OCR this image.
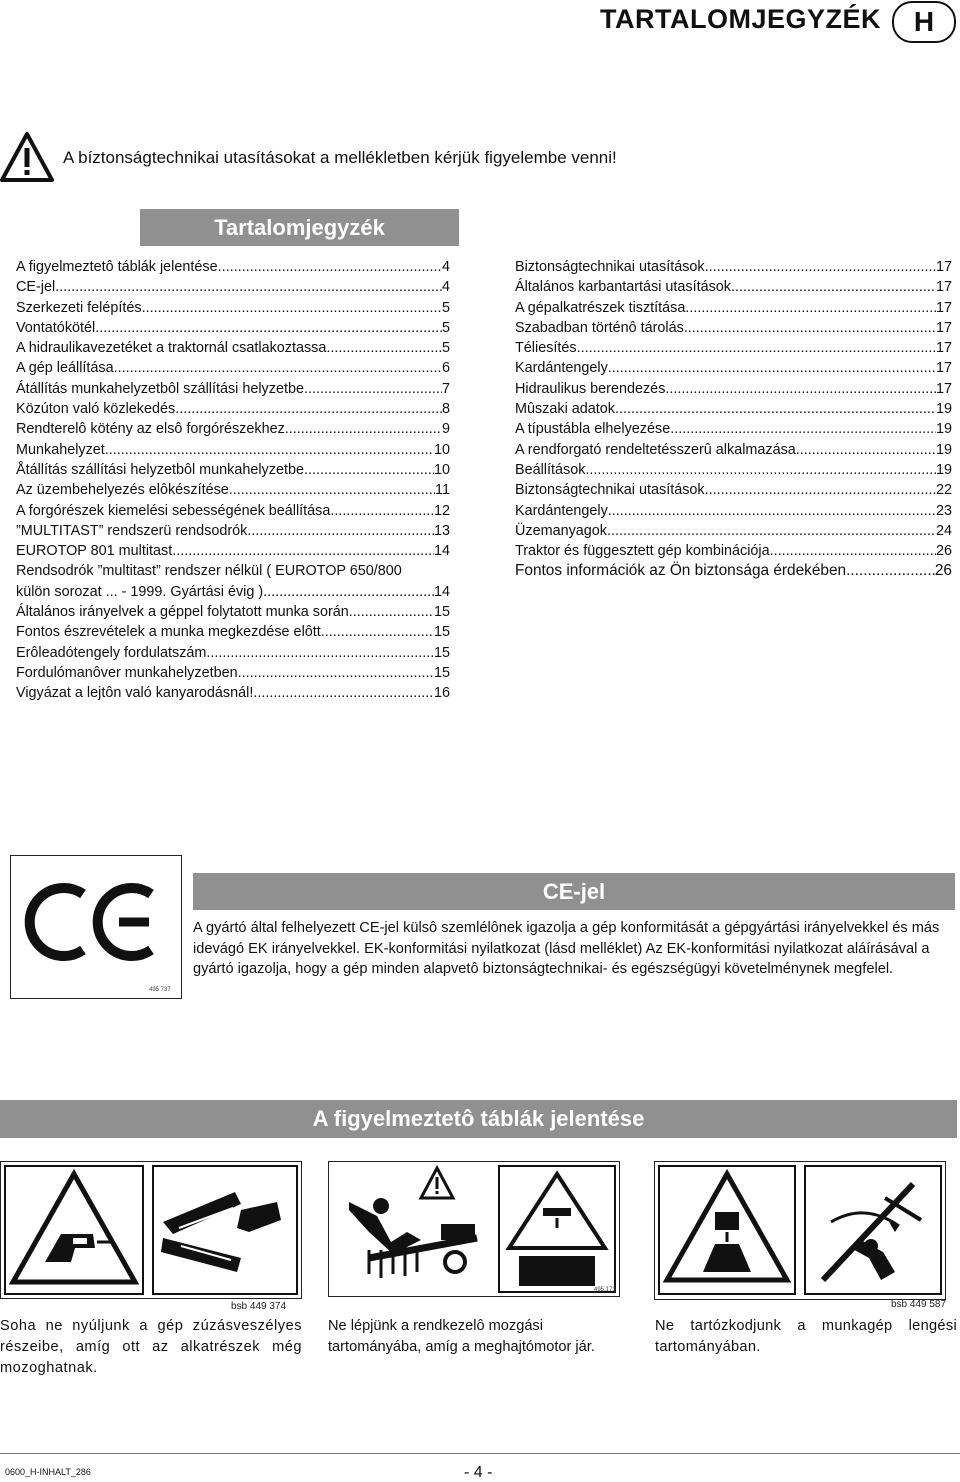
TARTALOMJEGYZÉK	H
A bíztonságtechnikai utasításokat a mellékletben kérjük figyelembe venni!
Tartalomjegyzék
A figyelmeztetô táblák jelentése .....	4
CE-jel .....	4
Szerkezeti felépítés .....	5
Vontatókötél .....	5
A hidraulikavezetéket a traktornál csatlakoztassa .....	5
A gép leállítása .....	6
Átállítás munkahelyzetbôl szállítási helyzetbe .....	7
Közúton való közlekedés .....	8
Rendterelô kötény az elsô forgórészekhez .....	9
Munkahelyzet .....	10
Åtállítás szállítási helyzetbôl munkahelyzetbe .....	10
Az üzembehelyezés elôkészítése .....	11
A forgórészek kiemelési sebességének beállítása .....	12
”MULTITAST” rendszerü rendsodrók .....	13
EUROTOP 801 multitast .....	14
Rendsodrók ”multitast” rendszer nélkül ( EUROTOP 650/800
külön sorozat ... - 1999. Gyártási évig ) .....	14
Általános irányelvek a géppel folytatott munka során .....	15
Fontos észrevételek a munka megkezdése elôtt .....	15
Erôleadótengely fordulatszám .....	15
Fordulómanôver munkahelyzetben .....	15
Vigyázat a lejtôn való kanyarodásnál! .....	16
Biztonságtechnikai utasítások .....	17
Általános karbantartási utasítások .....	17
A gépalkatrészek tisztítása .....	17
Szabadban történô tárolás .....	17
Téliesítés .....	17
Kardántengely .....	17
Hidraulikus berendezés .....	17
Mûszaki adatok .....	19
A típustábla elhelyezése .....	19
A rendforgató rendeltetésszerû alkalmazása .....	19
Beállítások .....	19
Biztonságtechnikai utasítások .....	22
Kardántengely .....	23
Üzemanyagok .....	24
Traktor és függesztett gép kombinációja .....	26
Fontos információk az Ön biztonsága érdekében .....	26
495 737
CE-jel
A gyártó által felhelyezett CE-jel külsô szemlélônek igazolja a gép konformitását a gépgyártási irányelvekkel és más idevágó EK irányelvekkel. EK-konformitási nyilatkozat (lásd melléklet) Az EK-konformitási nyilatkozat aláírásával a gyártó igazolja, hogy a gép minden alapvetô biztonságtechnikai- és egészségügyi követelménynek megfelel.
A figyelmeztetô táblák jelentése
bsb 449 374
495.173
bsb 449 587
Soha ne nyúljunk a gép zúzásveszélyes részeibe, amíg ott az alkatrészek még mozoghatnak.
Ne lépjünk a rendkezelô mozgási tartományába, amíg a meghajtómotor jár.
Ne tartózkodjunk a munkagép lengési tartományában.
0600_H-INHALT_286	- 4 -
